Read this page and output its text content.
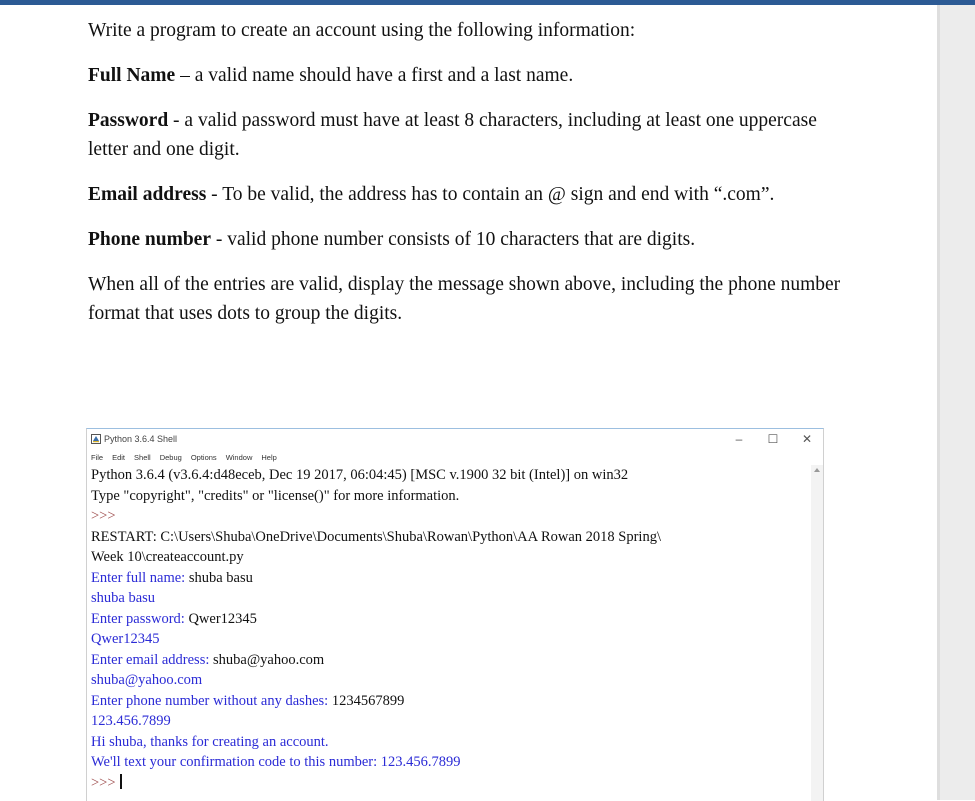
Write a program to create an account using the following information:

Full Name – a valid name should have a first and a last name.

Password - a valid password must have at least 8 characters, including at least one uppercase letter and one digit.

Email address - To be valid, the address has to contain an @ sign and end with “.com”.

Phone number - valid phone number consists of 10 characters that are digits.

When all of the entries are valid, display the message shown above, including the phone number format that uses dots to group the digits.

Python 3.6.4 Shell	– ☐ ✕
File Edit Shell Debug Options Window Help
Python 3.6.4 (v3.6.4:d48eceb, Dec 19 2017, 06:04:45) [MSC v.1900 32 bit (Intel)] on win32
Type "copyright", "credits" or "license()" for more information.
>>>
RESTART: C:\Users\Shuba\OneDrive\Documents\Shuba\Rowan\Python\AA Rowan 2018 Spring\
Week 10\createaccount.py
Enter full name: shuba basu
shuba basu
Enter password: Qwer12345
Qwer12345
Enter email address: shuba@yahoo.com
shuba@yahoo.com
Enter phone number without any dashes: 1234567899
123.456.7899
Hi shuba, thanks for creating an account.
We'll text your confirmation code to this number: 123.456.7899
>>>
